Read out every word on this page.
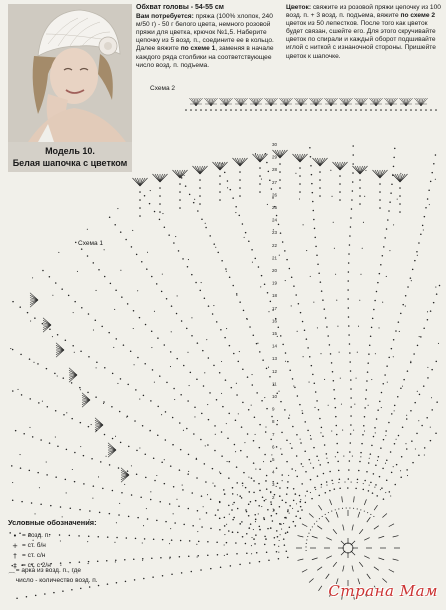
Модель 10.
Белая шапочка с цветком
Обхват головы - 54-55 см
Вам потребуется: пряжа (100% хлопок, 240 м/50 г) - 50 г белого цвета, немного розовой пряжи для цветка, крючок №1,5. Наберите цепочку из 5 возд. п., соедините ее в кольцо. Далее вяжите по схеме 1, заменяя в начале каждого ряда столбики на соответствующее число возд. п. подъема.
Цветок: свяжите из розовой пряжи цепочку из 100 возд. п. + 3 возд. п. подъема, вяжите по схеме 2 цветок из 50 лепестков. После того как цветок будет связан, сшейте его. Для этого скручивайте цветок по спирали и каждый оборот подшивайте иглой с ниткой с изнаночной стороны. Пришейте цветок к шапочке.
Схема 2
Схема 1
30
29
28
27
26
25
24
23
22
21
20
19
18
17
16
15
14
13
12
11
10
9
8
7
6
5
4
3
2
1
Условные обозначения:
• = возд. п.
+ = ст. б/н
† = ст. с/н
‡ = ст. с 2/н
⌒
= арка из возд. п., где число - количество возд. п.
Страна Мам
